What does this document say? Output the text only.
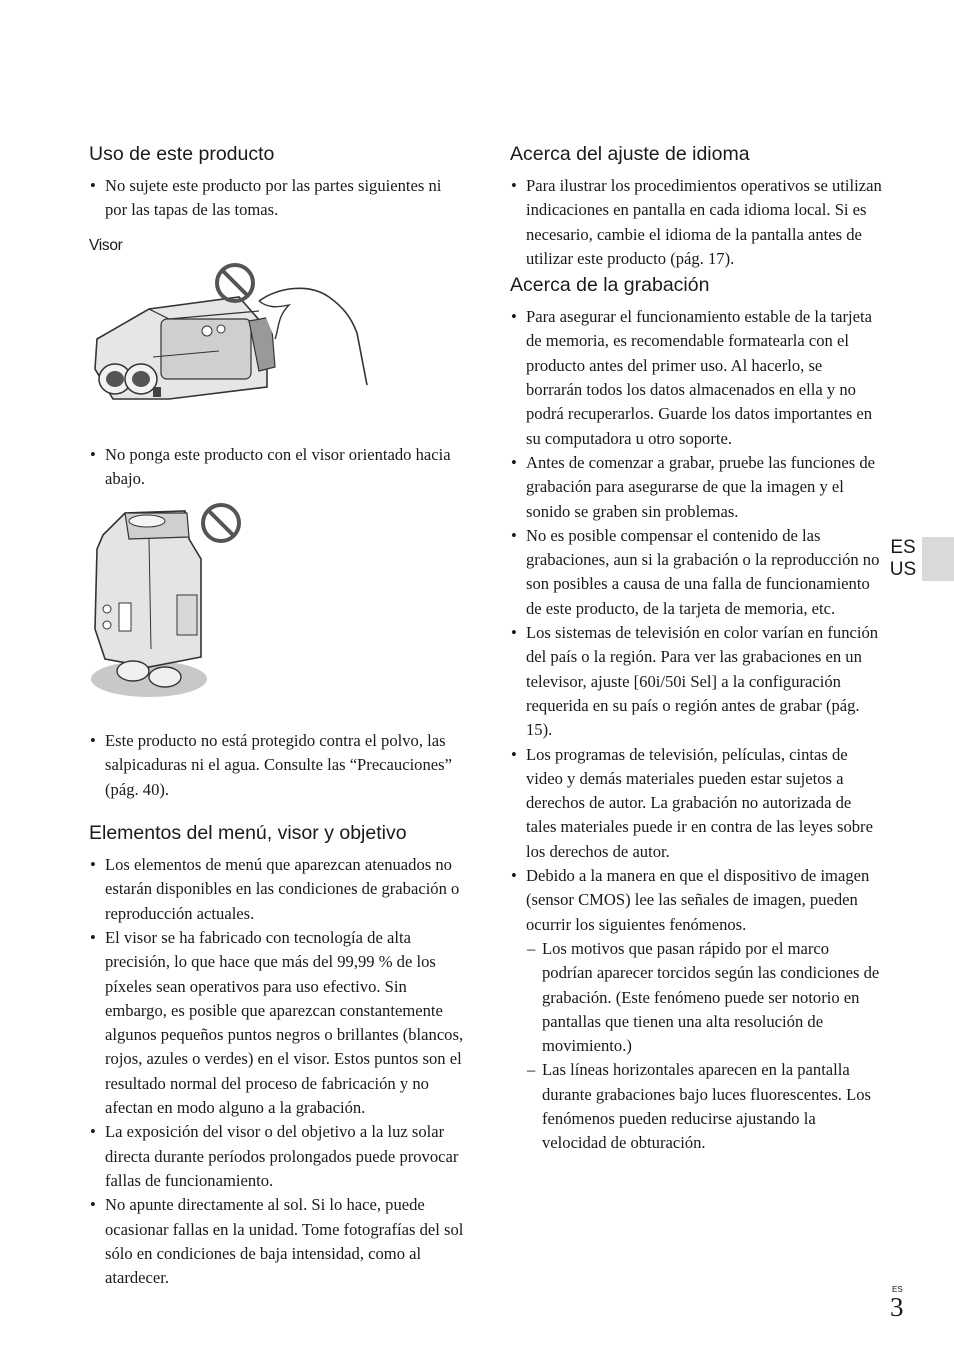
Uso de este producto
• No sujete este producto por las partes siguientes ni por las tapas de las tomas.
Visor
• No ponga este producto con el visor orientado hacia abajo.
• Este producto no está protegido contra el polvo, las salpicaduras ni el agua. Consulte las “Precauciones” (pág. 40).
Elementos del menú, visor y objetivo
• Los elementos de menú que aparezcan atenuados no estarán disponibles en las condiciones de grabación o reproducción actuales.
• El visor se ha fabricado con tecnología de alta precisión, lo que hace que más del 99,99 % de los píxeles sean operativos para uso efectivo. Sin embargo, es posible que aparezcan constantemente algunos pequeños puntos negros o brillantes (blancos, rojos, azules o verdes) en el visor. Estos puntos son el resultado normal del proceso de fabricación y no afectan en modo alguno a la grabación.
• La exposición del visor o del objetivo a la luz solar directa durante períodos prolongados puede provocar fallas de funcionamiento.
• No apunte directamente al sol. Si lo hace, puede ocasionar fallas en la unidad. Tome fotografías del sol sólo en condiciones de baja intensidad, como al atardecer.
Acerca del ajuste de idioma
• Para ilustrar los procedimientos operativos se utilizan indicaciones en pantalla en cada idioma local. Si es necesario, cambie el idioma de la pantalla antes de utilizar este producto (pág. 17).
Acerca de la grabación
• Para asegurar el funcionamiento estable de la tarjeta de memoria, es recomendable formatearla con el producto antes del primer uso. Al hacerlo, se borrarán todos los datos almacenados en ella y no podrá recuperarlos. Guarde los datos importantes en su computadora u otro soporte.
• Antes de comenzar a grabar, pruebe las funciones de grabación para asegurarse de que la imagen y el sonido se graben sin problemas.
• No es posible compensar el contenido de las grabaciones, aun si la grabación o la reproducción no son posibles a causa de una falla de funcionamiento de este producto, de la tarjeta de memoria, etc.
• Los sistemas de televisión en color varían en función del país o la región. Para ver las grabaciones en un televisor, ajuste [60i/50i Sel] a la configuración requerida en su país o región antes de grabar (pág. 15).
• Los programas de televisión, películas, cintas de video y demás materiales pueden estar sujetos a derechos de autor. La grabación no autorizada de tales materiales puede ir en contra de las leyes sobre los derechos de autor.
• Debido a la manera en que el dispositivo de imagen (sensor CMOS) lee las señales de imagen, pueden ocurrir los siguientes fenómenos.
– Los motivos que pasan rápido por el marco podrían aparecer torcidos según las condiciones de grabación. (Este fenómeno puede ser notorio en pantallas que tienen una alta resolución de movimiento.)
– Las líneas horizontales aparecen en la pantalla durante grabaciones bajo luces fluorescentes. Los fenómenos pueden reducirse ajustando la velocidad de obturación.
ES
US
ES
3
